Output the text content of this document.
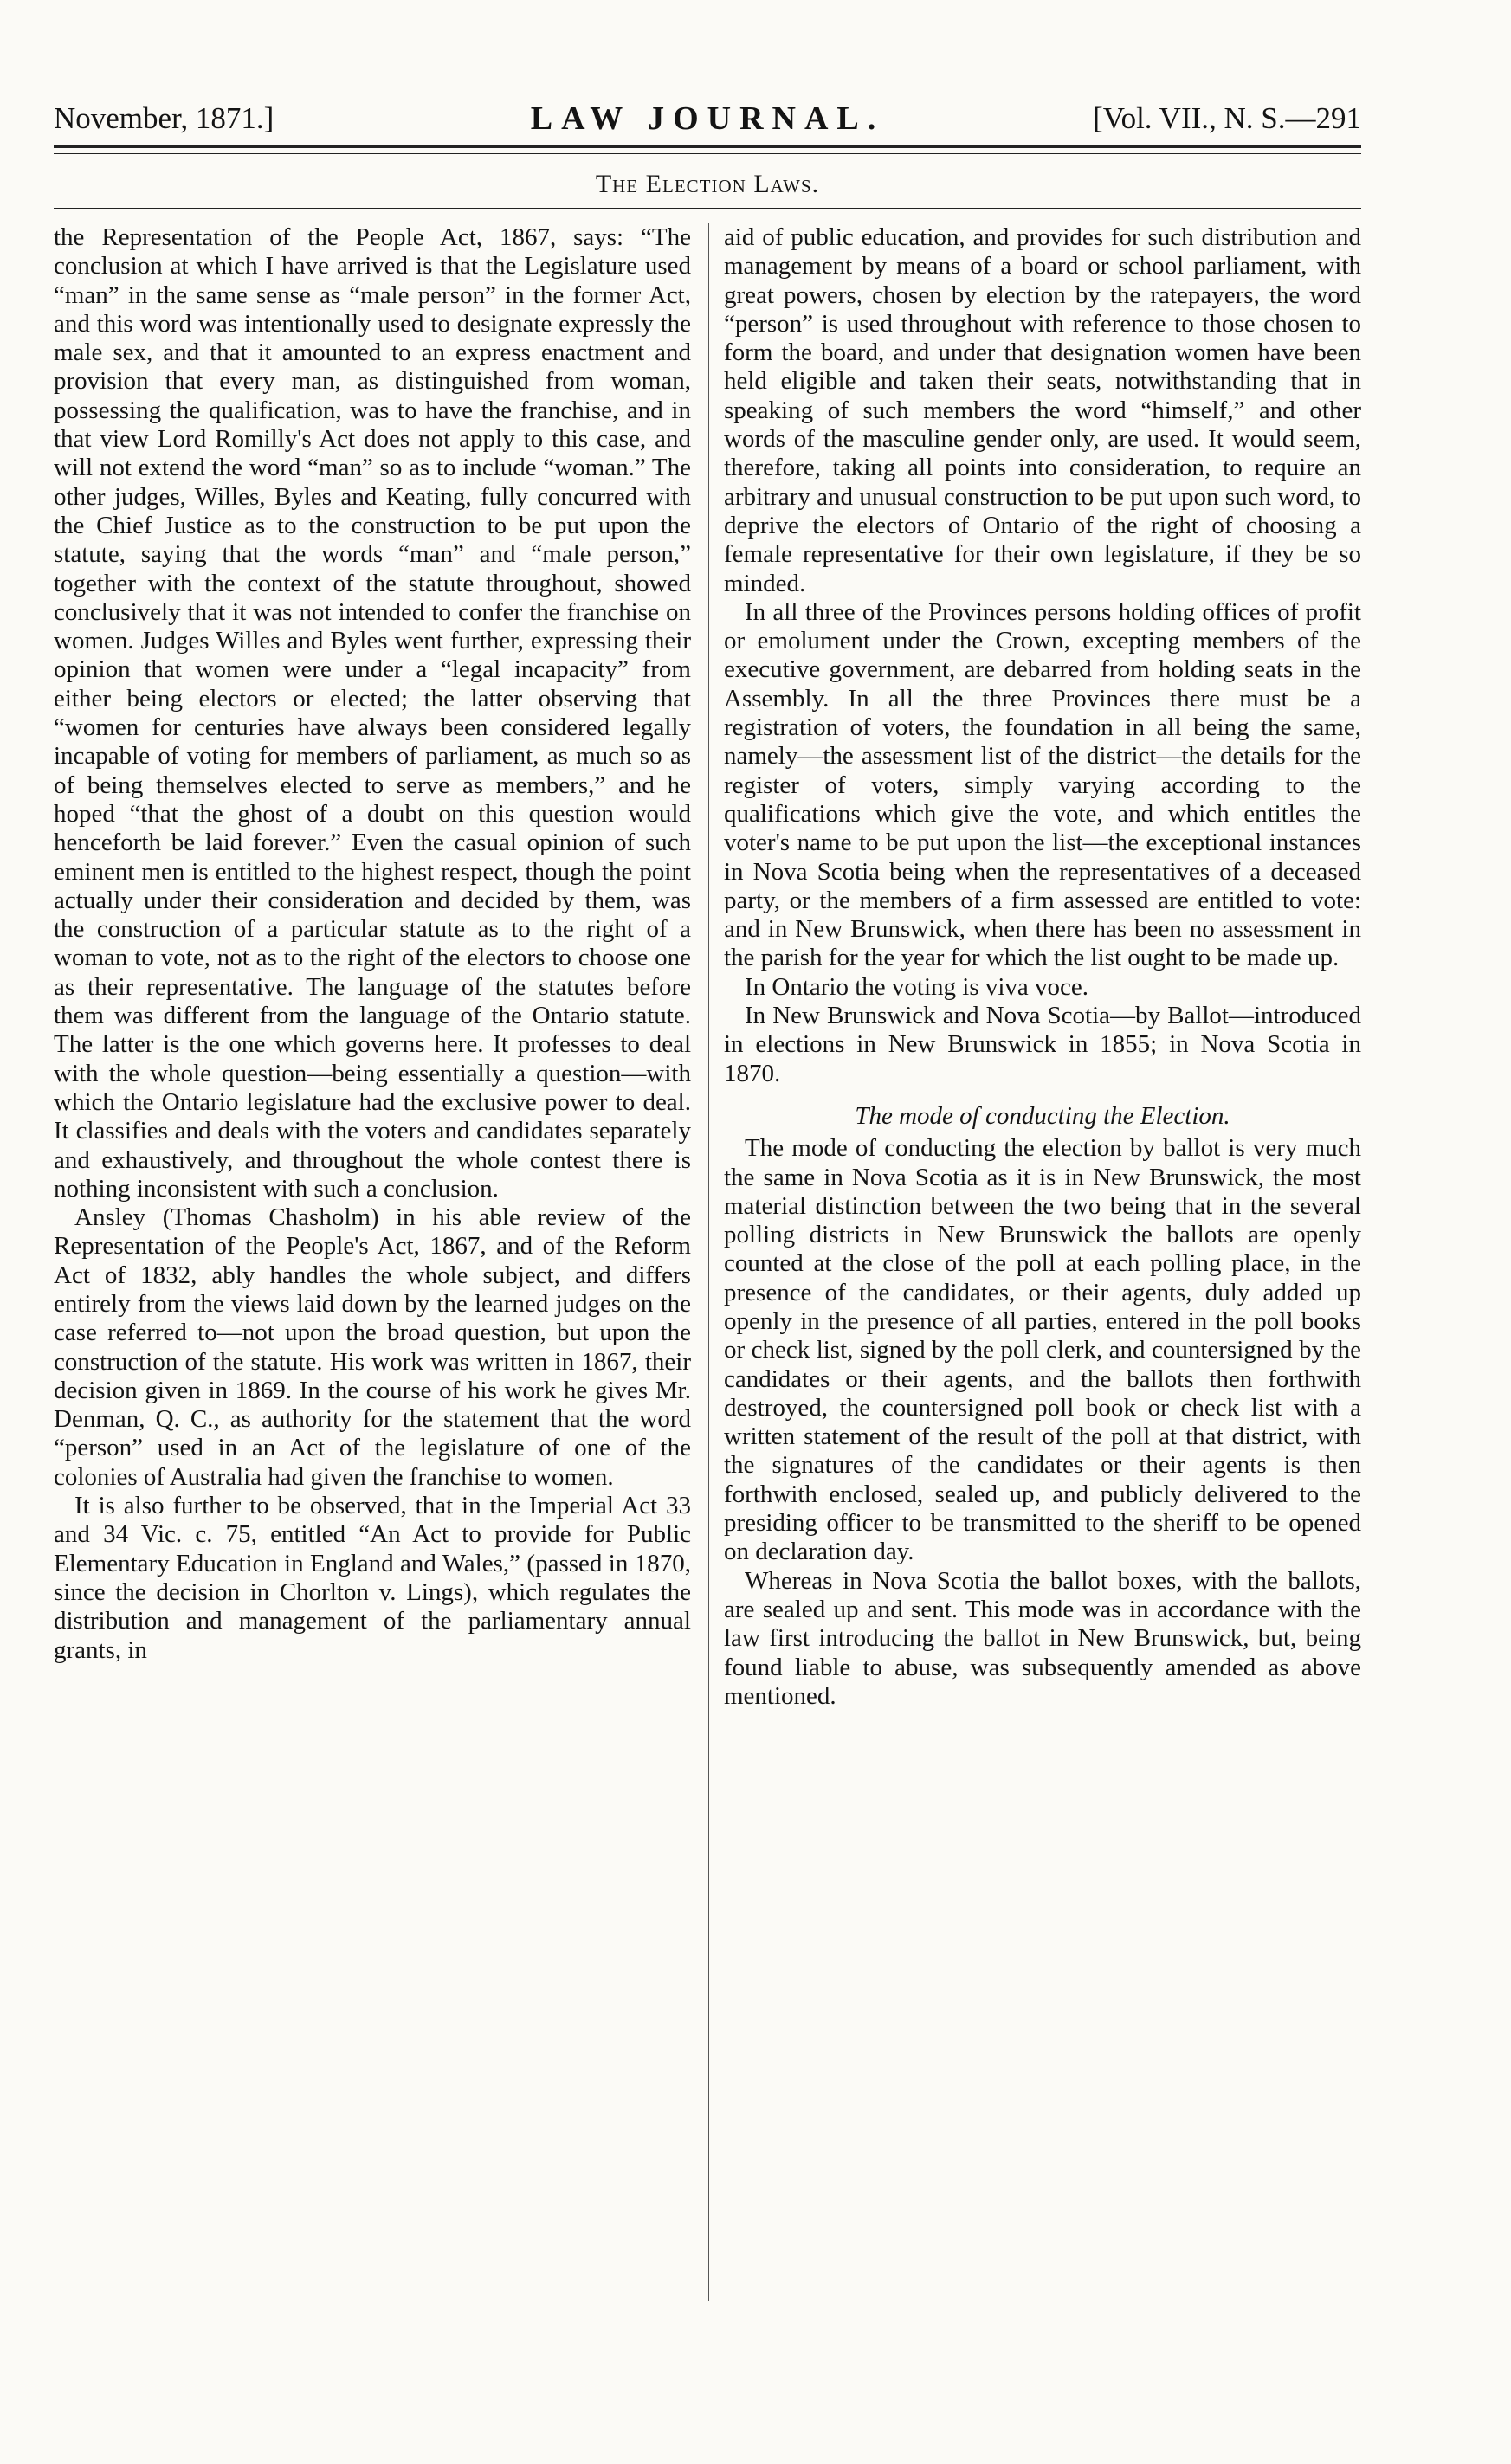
November, 1871.]	LAW JOURNAL.	[Vol. VII., N. S.—291
The Election Laws.

the Representation of the People Act, 1867, says: “The conclusion at which I have arrived is that the Legislature used “man” in the same sense as “male person” in the former Act, and this word was intentionally used to designate expressly the male sex, and that it amounted to an express enactment and provision that every man, as distinguished from woman, possessing the qualification, was to have the franchise, and in that view Lord Romilly's Act does not apply to this case, and will not extend the word “man” so as to include “woman.” The other judges, Willes, Byles and Keating, fully concurred with the Chief Justice as to the construction to be put upon the statute, saying that the words “man” and “male person,” together with the context of the statute throughout, showed conclusively that it was not intended to confer the franchise on women. Judges Willes and Byles went further, expressing their opinion that women were under a “legal incapacity” from either being electors or elected; the latter observing that “women for centuries have always been considered legally incapable of voting for members of parliament, as much so as of being themselves elected to serve as members,” and he hoped “that the ghost of a doubt on this question would henceforth be laid forever.” Even the casual opinion of such eminent men is entitled to the highest respect, though the point actually under their consideration and decided by them, was the construction of a particular statute as to the right of a woman to vote, not as to the right of the electors to choose one as their representative. The language of the statutes before them was different from the language of the Ontario statute. The latter is the one which governs here. It professes to deal with the whole question—being essentially a question—with which the Ontario legislature had the exclusive power to deal. It classifies and deals with the voters and candidates separately and exhaustively, and throughout the whole contest there is nothing inconsistent with such a conclusion.

Ansley (Thomas Chasholm) in his able review of the Representation of the People's Act, 1867, and of the Reform Act of 1832, ably handles the whole subject, and differs entirely from the views laid down by the learned judges on the case referred to—not upon the broad question, but upon the construction of the statute. His work was written in 1867, their decision given in 1869. In the course of his work he gives Mr. Denman, Q. C., as authority for the statement that the word “person” used in an Act of the legislature of one of the colonies of Australia had given the franchise to women.

It is also further to be observed, that in the Imperial Act 33 and 34 Vic. c. 75, entitled “An Act to provide for Public Elementary Education in England and Wales,” (passed in 1870, since the decision in Chorlton v. Lings), which regulates the distribution and management of the parliamentary annual grants, in

aid of public education, and provides for such distribution and management by means of a board or school parliament, with great powers, chosen by election by the ratepayers, the word “person” is used throughout with reference to those chosen to form the board, and under that designation women have been held eligible and taken their seats, notwithstanding that in speaking of such members the word “himself,” and other words of the masculine gender only, are used. It would seem, therefore, taking all points into consideration, to require an arbitrary and unusual construction to be put upon such word, to deprive the electors of Ontario of the right of choosing a female representative for their own legislature, if they be so minded.

In all three of the Provinces persons holding offices of profit or emolument under the Crown, excepting members of the executive government, are debarred from holding seats in the Assembly. In all the three Provinces there must be a registration of voters, the foundation in all being the same, namely—the assessment list of the district—the details for the register of voters, simply varying according to the qualifications which give the vote, and which entitles the voter's name to be put upon the list—the exceptional instances in Nova Scotia being when the representatives of a deceased party, or the members of a firm assessed are entitled to vote: and in New Brunswick, when there has been no assessment in the parish for the year for which the list ought to be made up.

In Ontario the voting is viva voce.

In New Brunswick and Nova Scotia—by Ballot—introduced in elections in New Brunswick in 1855; in Nova Scotia in 1870.

The mode of conducting the Election.

The mode of conducting the election by ballot is very much the same in Nova Scotia as it is in New Brunswick, the most material distinction between the two being that in the several polling districts in New Brunswick the ballots are openly counted at the close of the poll at each polling place, in the presence of the candidates, or their agents, duly added up openly in the presence of all parties, entered in the poll books or check list, signed by the poll clerk, and countersigned by the candidates or their agents, and the ballots then forthwith destroyed, the countersigned poll book or check list with a written statement of the result of the poll at that district, with the signatures of the candidates or their agents is then forthwith enclosed, sealed up, and publicly delivered to the presiding officer to be transmitted to the sheriff to be opened on declaration day.

Whereas in Nova Scotia the ballot boxes, with the ballots, are sealed up and sent. This mode was in accordance with the law first introducing the ballot in New Brunswick, but, being found liable to abuse, was subsequently amended as above mentioned.
